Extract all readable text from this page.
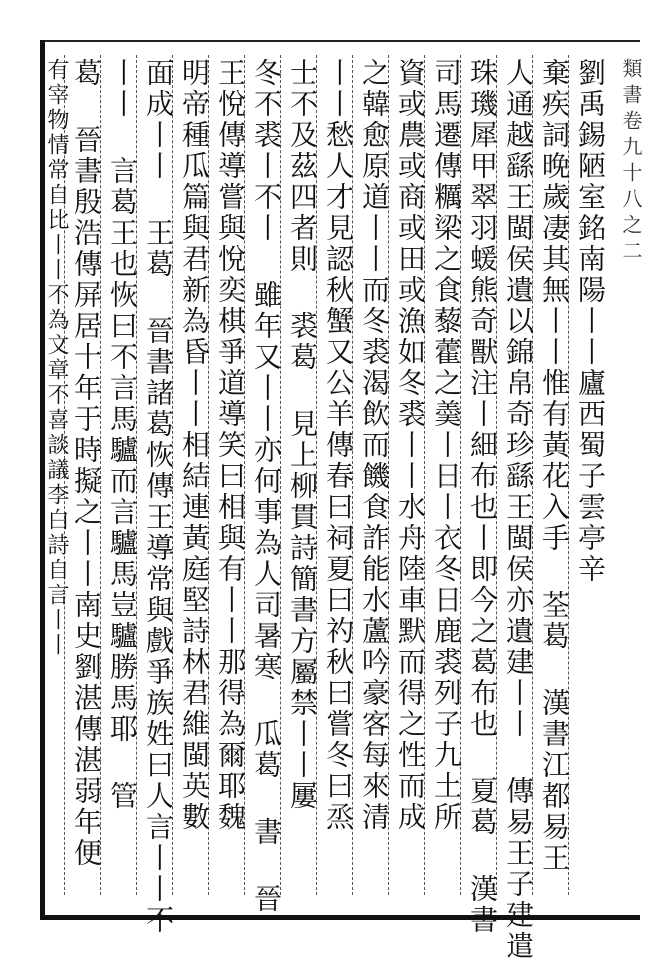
類書卷九十八之二
劉禹錫陋室銘南陽丨丨廬西蜀子雲亭辛
棄疾詞晚歲凄其無丨丨惟有黃花入手 荃葛 漢書江都易王
人通越繇王閩侯遺以錦帛奇珍繇王閩侯亦遺建丨丨 傳易王子建遣
珠璣犀甲翠羽蝯熊奇獸注丨細布也丨即今之葛布也 夏葛 漢書
司馬遷傳糲梁之食藜藿之羮丨日丨衣冬日鹿裘列子九土所
資或農或商或田或漁如冬裘丨丨水舟陸車默而得之性而成
之韓愈原道丨丨而冬裘渴飲而饑食詐能水蘆吟豪客每來清
丨丨愁人才見認秋蟹又公羊傳春曰祠夏曰礿秋曰嘗冬曰烝
士不及茲四者則 裘葛 見上柳貫詩簡書方屬禁丨丨屢
冬不裘丨不丨 雖年又丨丨亦何事為人司暑寒 瓜葛 書 晉
王悅傳導嘗與悅奕棋爭道導笑曰相與有丨丨那得為爾耶魏
明帝種瓜篇與君新為昏丨丨相結連黃庭堅詩林君維閩英數
面成丨丨 王葛 晉書諸葛恢傳王導常與戲爭族姓曰人言丨丨不
丨丨 言葛王也恢曰不言馬驢而言驢馬豈驢勝馬耶 管
葛 晉書殷浩傳屏居十年于時擬之丨丨南史劉湛傳湛弱年便
有宰物情常自比丨丨不為文章不喜談議李白詩自言丨丨
